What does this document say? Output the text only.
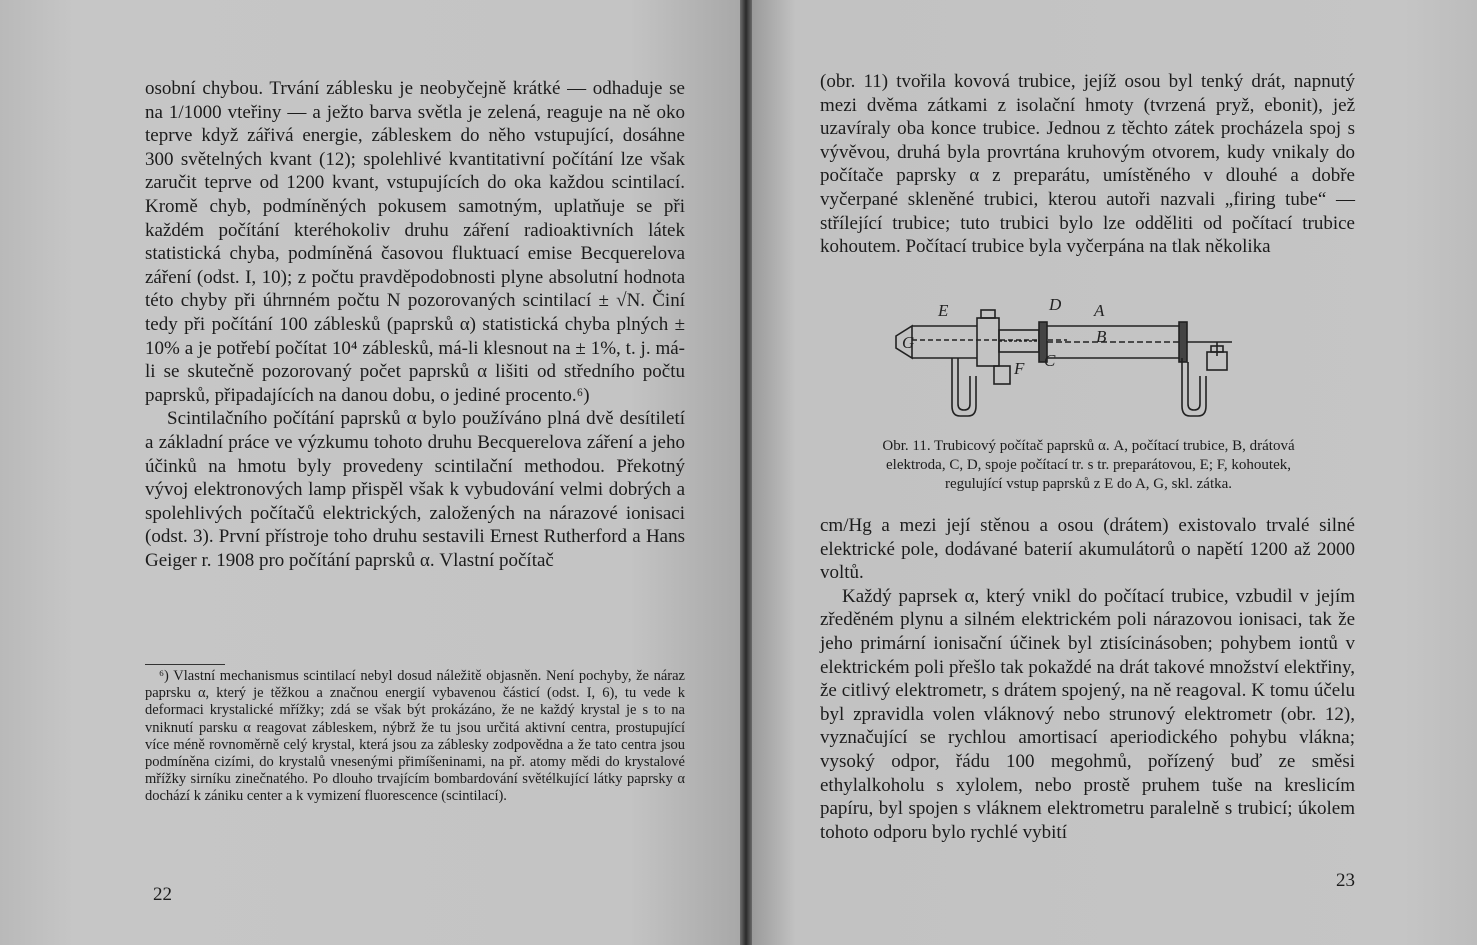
osobní chybou. Trvání záblesku je neobyčejně krátké — odhaduje se na 1/1000 vteřiny — a ježto barva světla je zelená, reaguje na ně oko teprve když zářivá energie, zábleskem do něho vstupující, dosáhne 300 světelných kvant (12); spolehlivé kvantitativní počítání lze však zaručit teprve od 1200 kvant, vstupujících do oka každou scintilací. Kromě chyb, podmíněných pokusem samotným, uplatňuje se při každém počítání kteréhokoliv druhu záření radioaktivních látek statistická chyba, podmíněná časovou fluktuací emise Becquerelova záření (odst. I, 10); z počtu pravděpodobnosti plyne absolutní hodnota této chyby při úhrnném počtu N pozorovaných scintilací ± √N. Činí tedy při počítání 100 záblesků (paprsků α) statistická chyba plných ± 10% a je potřebí počítat 10⁴ záblesků, má-li klesnout na ± 1%, t. j. má-li se skutečně pozorovaný počet paprsků α lišiti od středního počtu paprsků, připadajících na danou dobu, o jediné procento.⁶)

Scintilačního počítání paprsků α bylo používáno plná dvě desítiletí a základní práce ve výzkumu tohoto druhu Becquerelova záření a jeho účinků na hmotu byly provedeny scintilační methodou. Překotný vývoj elektronových lamp přispěl však k vybudování velmi dobrých a spolehlivých počítačů elektrických, založených na nárazové ionisaci (odst. 3). První přístroje toho druhu sestavili Ernest Rutherford a Hans Geiger r. 1908 pro počítání paprsků α. Vlastní počítač

⁶) Vlastní mechanismus scintilací nebyl dosud náležitě objasněn. Není pochyby, že náraz paprsku α, který je těžkou a značnou energií vybavenou částicí (odst. I, 6), tu vede k deformaci krystalické mřížky; zdá se však být prokázáno, že ne každý krystal je s to na vniknutí parsku α reagovat zábleskem, nýbrž že tu jsou určitá aktivní centra, prostupující více méně rovnoměrně celý krystal, která jsou za záblesky zodpovědna a že tato centra jsou podmíněna cizími, do krystalů vnesenými přimíšeninami, na př. atomy mědi do krystalové mřížky sirníku zinečnatého. Po dlouho trvajícím bombardování světélkující látky paprsky α dochází k zániku center a k vymizení fluorescence (scintilací).

22

(obr. 11) tvořila kovová trubice, jejíž osou byl tenký drát, napnutý mezi dvěma zátkami z isolační hmoty (tvrzená pryž, ebonit), jež uzavíraly oba konce trubice. Jednou z těchto zátek procházela spoj s vývěvou, druhá byla provrtána kruhovým otvorem, kudy vnikaly do počítače paprsky α z preparátu, umístěného v dlouhé a dobře vyčerpané skleněné trubici, kterou autoři nazvali „firing tube“ — střílející trubice; tuto trubici bylo lze odděliti od počítací trubice kohoutem. Počítací trubice byla vyčerpána na tlak několika

E	D A
G	B
C
F

Obr. 11. Trubicový počítač paprsků α. A, počítací trubice, B, drátová

elektroda, C, D, spoje počítací tr. s tr. preparátovou, E; F, kohoutek,

regulující vstup paprsků z E do A, G, skl. zátka.

cm/Hg a mezi její stěnou a osou (drátem) existovalo trvalé silné elektrické pole, dodávané baterií akumulátorů o napětí 1200 až 2000 voltů.

Každý paprsek α, který vnikl do počítací trubice, vzbudil v jejím zředěném plynu a silném elektrickém poli nárazovou ionisaci, tak že jeho primární ionisační účinek byl ztisícinásoben; pohybem iontů v elektrickém poli přešlo tak pokaždé na drát takové množství elektřiny, že citlivý elektrometr, s drátem spojený, na ně reagoval. K tomu účelu byl zpravidla volen vláknový nebo strunový elektrometr (obr. 12), vyznačující se rychlou amortisací aperiodického pohybu vlákna; vysoký odpor, řádu 100 megohmů, pořízený buď ze směsi ethylalkoholu s xylolem, nebo prostě pruhem tuše na kreslicím papíru, byl spojen s vláknem elektrometru paralelně s trubicí; úkolem tohoto odporu bylo rychlé vybití

23
